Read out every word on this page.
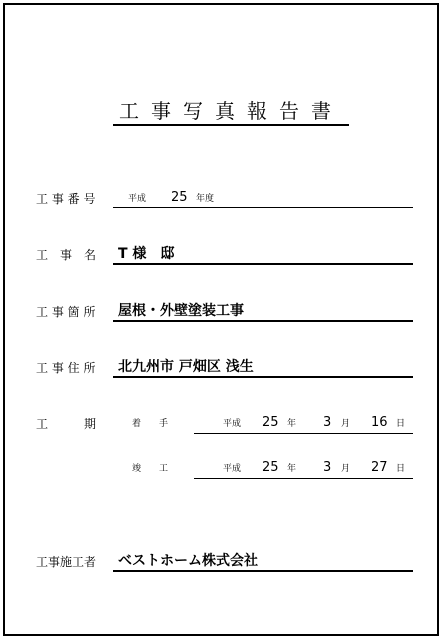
工事写真報告書
工 事 番 号	平成 25 年度
工　事　名 T 様　邸
工 事 箇 所 屋根・外壁塗装工事
工 事 住 所 北九州市 戸畑区 浅生
工　　　期	着　　手	平成 25 年 3 月 16 日
竣　　工	平成 25 年 3 月 27 日
工事施工者 ベストホーム株式会社
